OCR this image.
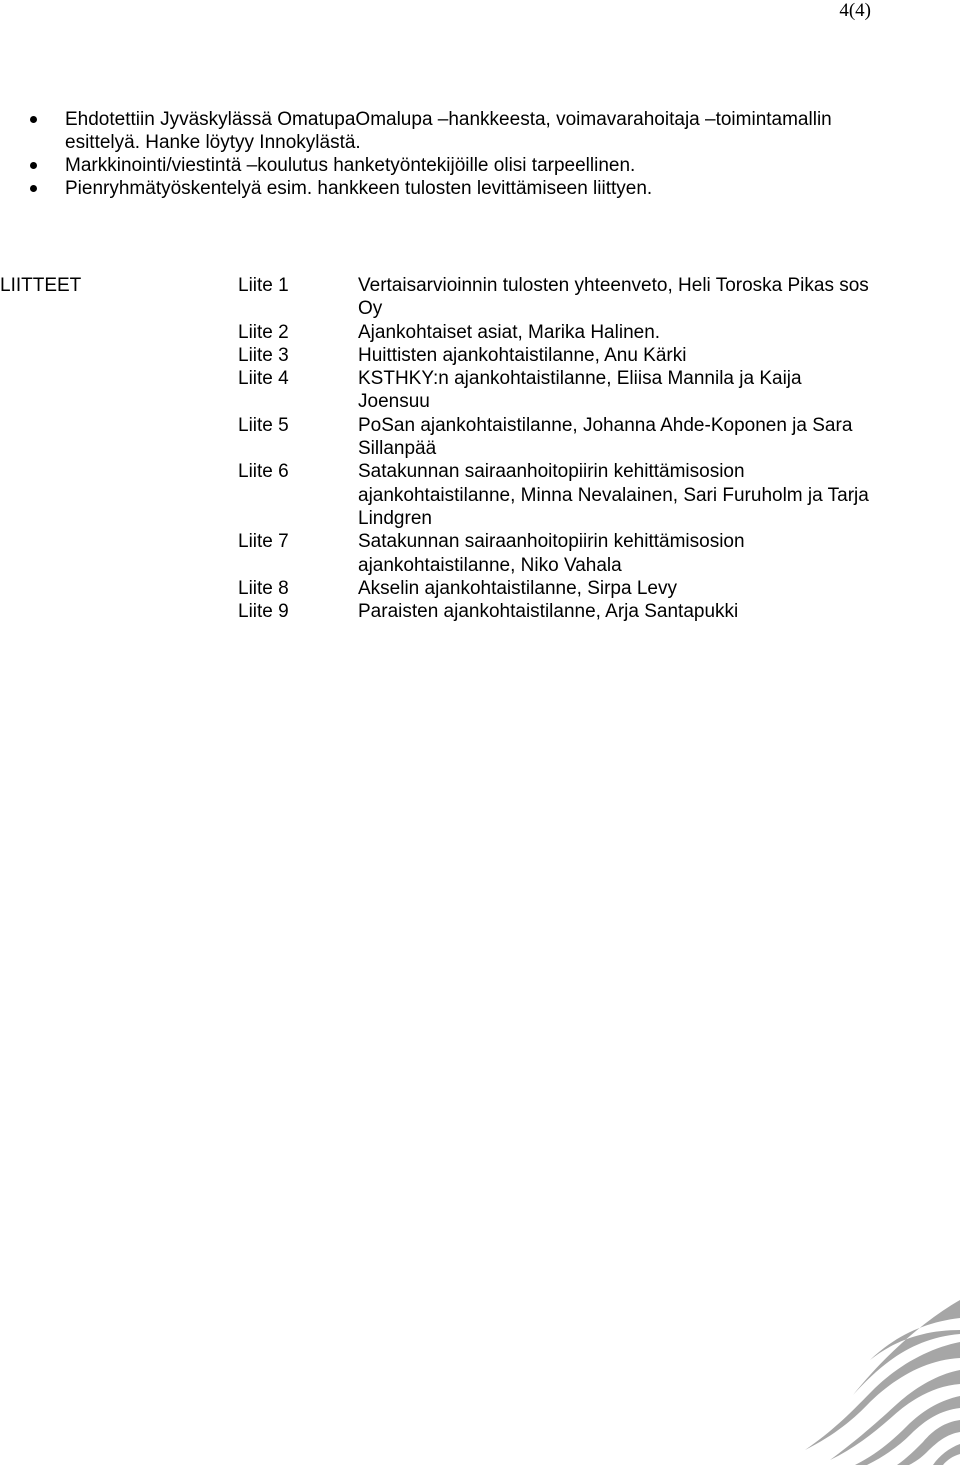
4(4)
Ehdotettiin Jyväskylässä OmatupaOmalupa –hankkeesta, voimavarahoitaja –toimintamallin esittelyä. Hanke löytyy Innokylästä.
Markkinointi/viestintä –koulutus hanketyöntekijöille olisi tarpeellinen.
Pienryhmätyöskentelyä esim. hankkeen tulosten levittämiseen liittyen.
LIITTEET	Liite 1	Vertaisarvioinnin tulosten yhteenveto, Heli Toroska Pikas sos Oy
Liite 2	Ajankohtaiset asiat, Marika Halinen.
Liite 3	Huittisten ajankohtaistilanne, Anu Kärki
Liite 4	KSTHKY:n ajankohtaistilanne, Eliisa Mannila ja Kaija Joensuu
Liite 5	PoSan ajankohtaistilanne, Johanna Ahde-Koponen ja Sara Sillanpää
Liite 6	Satakunnan sairaanhoitopiirin kehittämisosion ajankohtaistilanne, Minna Nevalainen, Sari Furuholm ja Tarja Lindgren
Liite 7	Satakunnan sairaanhoitopiirin kehittämisosion ajankohtaistilanne, Niko Vahala
Liite 8	Akselin ajankohtaistilanne, Sirpa Levy
Liite 9	Paraisten ajankohtaistilanne, Arja Santapukki
